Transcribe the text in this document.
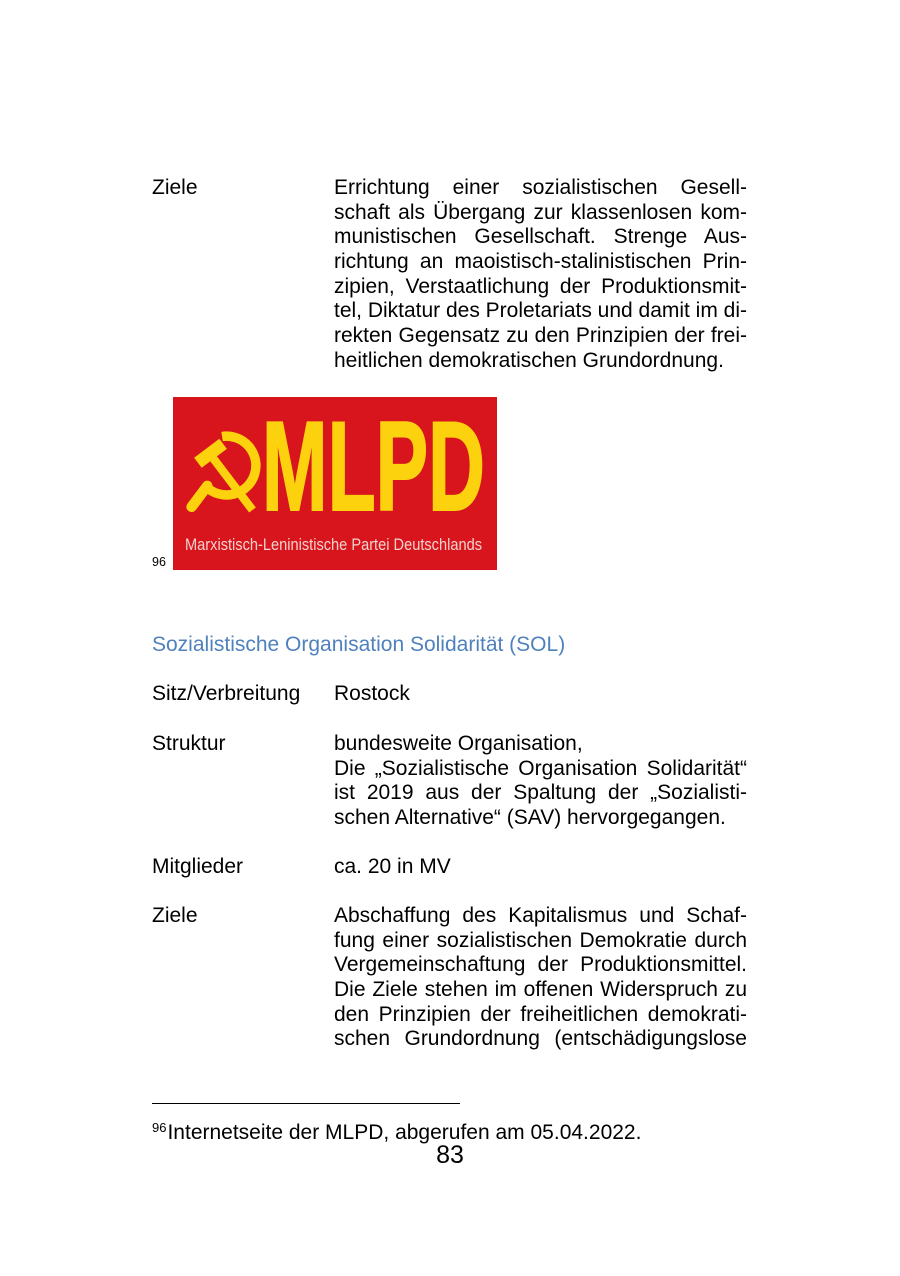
Ziele	Errichtung einer sozialistischen Gesell-
schaft als Übergang zur klassenlosen kom-
munistischen Gesellschaft. Strenge Aus-
richtung an maoistisch-stalinistischen Prin-
zipien, Verstaatlichung der Produktionsmit-
tel, Diktatur des Proletariats und damit im di-
rekten Gegensatz zu den Prinzipien der frei-
heitlichen demokratischen Grundordnung.
MLPD
Marxistisch-Leninistische Partei Deutschlands
96
Sozialistische Organisation Solidarität (SOL)
Sitz/Verbreitung Rostock
Struktur	bundesweite Organisation,
Die „Sozialistische Organisation Solidarität“
ist 2019 aus der Spaltung der „Sozialisti-
schen Alternative“ (SAV) hervorgegangen.
Mitglieder	ca. 20 in MV
Ziele	Abschaffung des Kapitalismus und Schaf-
fung einer sozialistischen Demokratie durch
Vergemeinschaftung der Produktionsmittel.
Die Ziele stehen im offenen Widerspruch zu
den Prinzipien der freiheitlichen demokrati-
schen Grundordnung (entschädigungslose
$^{96}$Internetseite der MLPD, abgerufen am 05.04.2022.
83
